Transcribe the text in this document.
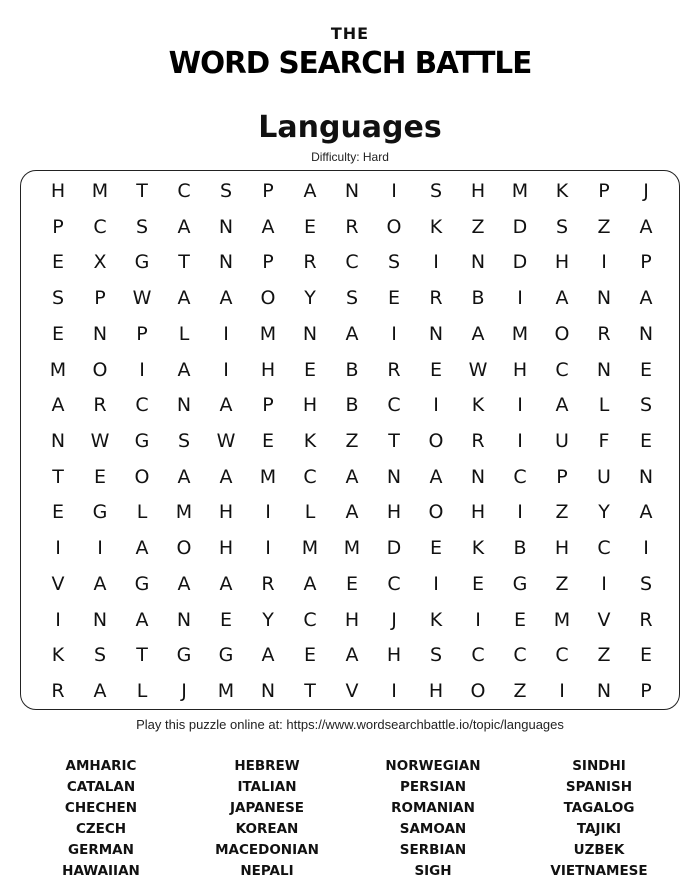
THE
WORD SEARCH BATTLE
Languages
Difficulty: Hard
H	M	T	C	S	P	A	N	I	S	H	M	K	P	J
P	C	S	A	N	A	E	R	O	K	Z	D	S	Z	A
E	X	G	T	N	P	R	C	S	I	N	D	H	I	P
S	P	W	A	A	O	Y	S	E	R	B	I	A	N	A
E	N	P	L	I	M	N	A	I	N	A	M	O	R	N
M	O	I	A	I	H	E	B	R	E	W	H	C	N	E
A	R	C	N	A	P	H	B	C	I	K	I	A	L	S
N	W	G	S	W	E	K	Z	T	O	R	I	U	F	E
T	E	O	A	A	M	C	A	N	A	N	C	P	U	N
E	G	L	M	H	I	L	A	H	O	H	I	Z	Y	A
I	I	A	O	H	I	M	M	D	E	K	B	H	C	I
V	A	G	A	A	R	A	E	C	I	E	G	Z	I	S
I	N	A	N	E	Y	C	H	J	K	I	E	M	V	R
K	S	T	G	G	A	E	A	H	S	C	C	C	Z	E
R	A	L	J	M	N	T	V	I	H	O	Z	I	N	P
Play this puzzle online at: https://www.wordsearchbattle.io/topic/languages
AMHARIC
CATALAN
CHECHEN
CZECH
GERMAN
HAWAIIAN
HEBREW
ITALIAN
JAPANESE
KOREAN
MACEDONIAN
NEPALI
NORWEGIAN
PERSIAN
ROMANIAN
SAMOAN
SERBIAN
SIGH
SINDHI
SPANISH
TAGALOG
TAJIKI
UZBEK
VIETNAMESE
